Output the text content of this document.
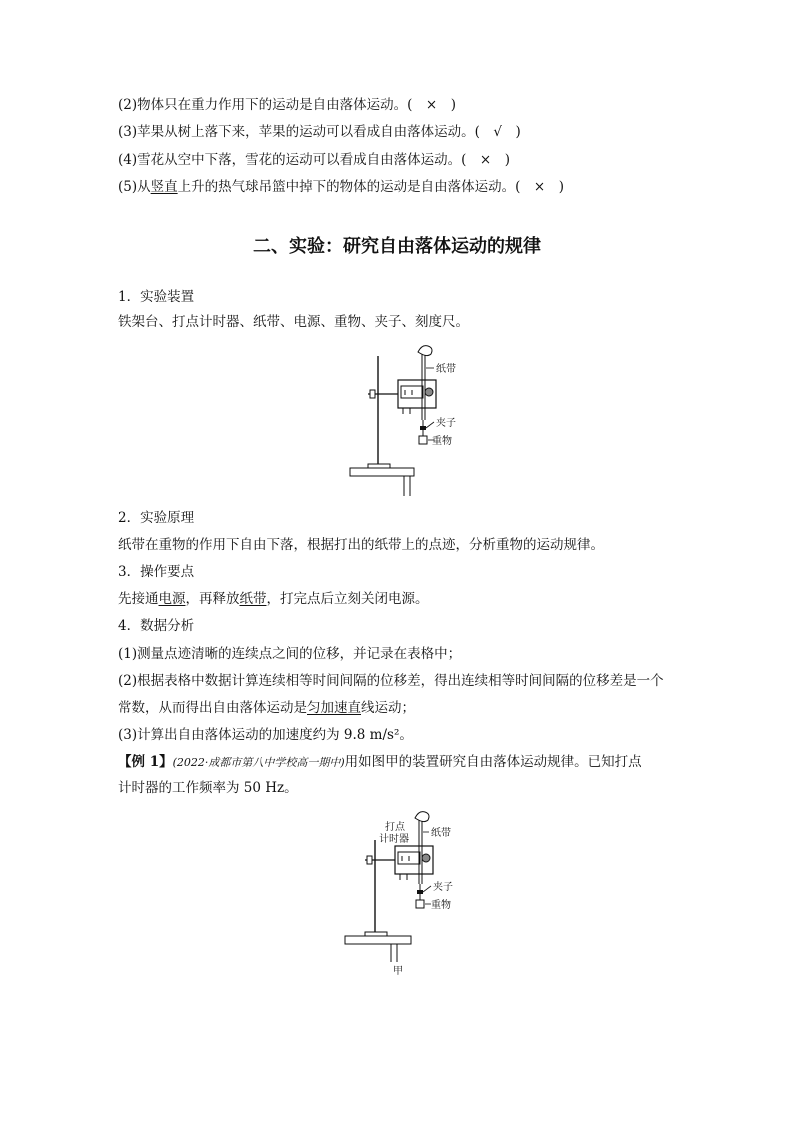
(2)物体只在重力作用下的运动是自由落体运动。(　×　)
(3)苹果从树上落下来，苹果的运动可以看成自由落体运动。(　√　)
(4)雪花从空中下落，雪花的运动可以看成自由落体运动。(　×　)
(5)从竖直上升的热气球吊篮中掉下的物体的运动是自由落体运动。(　×　)
二、实验：研究自由落体运动的规律
1．实验装置
铁架台、打点计时器、纸带、电源、重物、夹子、刻度尺。
纸带
夹子
重物
2．实验原理
纸带在重物的作用下自由下落，根据打出的纸带上的点迹，分析重物的运动规律。
3．操作要点
先接通电源，再释放纸带，打完点后立刻关闭电源。
4．数据分析
(1)测量点迹清晰的连续点之间的位移，并记录在表格中；
(2)根据表格中数据计算连续相等时间间隔的位移差，得出连续相等时间间隔的位移差是一个
常数，从而得出自由落体运动是匀加速直线运动；
(3)计算出自由落体运动的加速度约为 9.8 m/s²。
【例 1】(2022·成都市第八中学校高一期中)用如图甲的装置研究自由落体运动规律。已知打点
计时器的工作频率为 50 Hz。
打点
计时器
纸带
夹子
重物
甲
